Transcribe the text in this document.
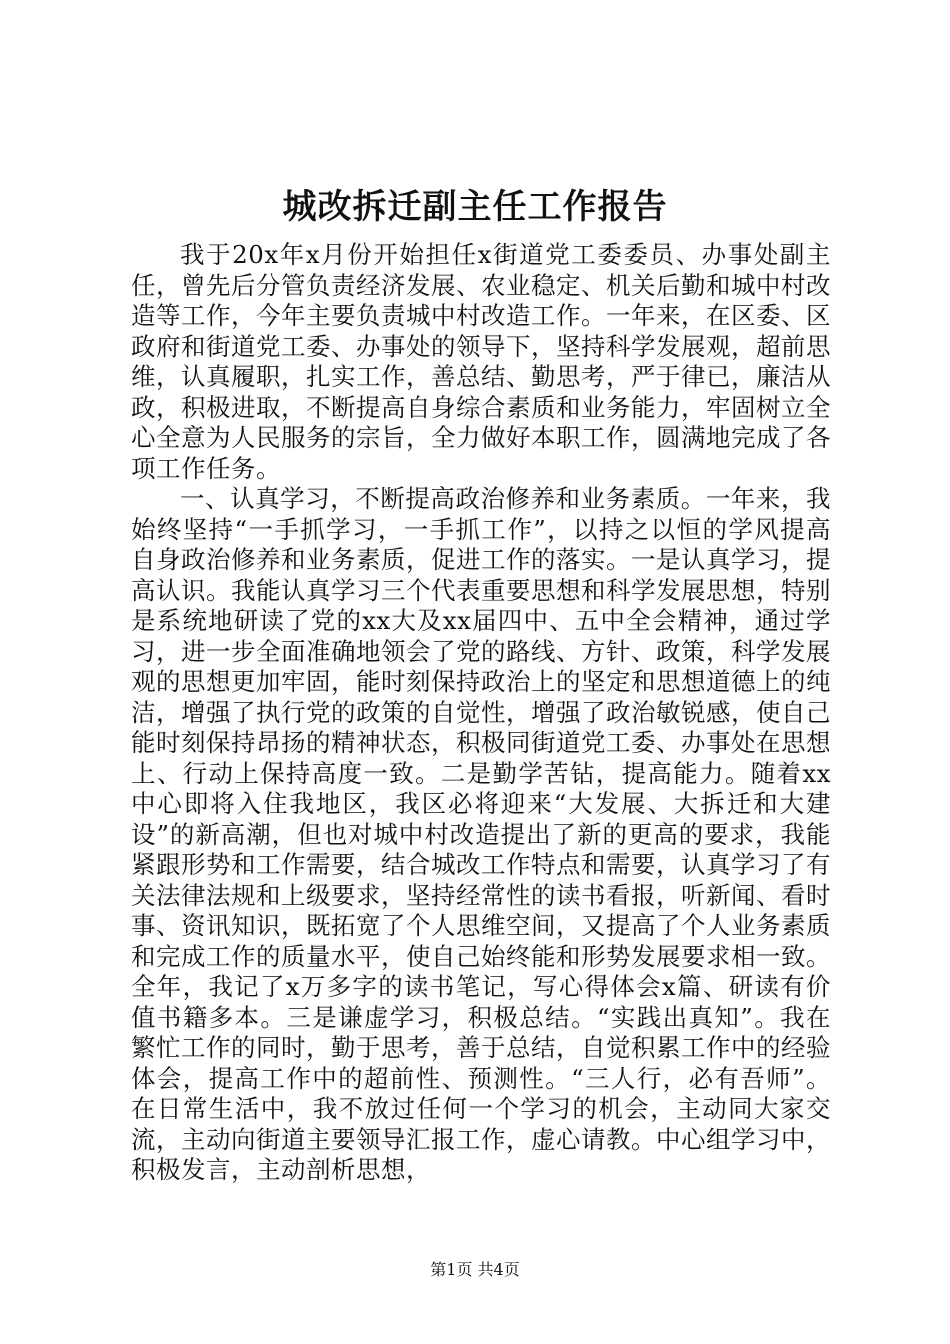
城改拆迁副主任工作报告

我于20x年x月份开始担任x街道党工委委员、办事处副主任，曾先后分管负责经济发展、农业稳定、机关后勤和城中村改造等工作，今年主要负责城中村改造工作。一年来，在区委、区政府和街道党工委、办事处的领导下，坚持科学发展观，超前思维，认真履职，扎实工作，善总结、勤思考，严于律已，廉洁从政，积极进取，不断提高自身综合素质和业务能力，牢固树立全心全意为人民服务的宗旨，全力做好本职工作，圆满地完成了各项工作任务。

一、认真学习，不断提高政治修养和业务素质。一年来，我始终坚持“一手抓学习，一手抓工作”，以持之以恒的学风提高自身政治修养和业务素质，促进工作的落实。一是认真学习，提高认识。我能认真学习三个代表重要思想和科学发展思想，特别是系统地研读了党的xx大及xx届四中、五中全会精神，通过学习，进一步全面准确地领会了党的路线、方针、政策，科学发展观的思想更加牢固，能时刻保持政治上的坚定和思想道德上的纯洁，增强了执行党的政策的自觉性，增强了政治敏锐感，使自己能时刻保持昂扬的精神状态，积极同街道党工委、办事处在思想上、行动上保持高度一致。二是勤学苦钻，提高能力。随着xx中心即将入住我地区，我区必将迎来“大发展、大拆迁和大建设”的新高潮，但也对城中村改造提出了新的更高的要求，我能紧跟形势和工作需要，结合城改工作特点和需要，认真学习了有关法律法规和上级要求，坚持经常性的读书看报，听新闻、看时事、资讯知识，既拓宽了个人思维空间，又提高了个人业务素质和完成工作的质量水平，使自己始终能和形势发展要求相一致。全年，我记了x万多字的读书笔记，写心得体会x篇、研读有价值书籍多本。三是谦虚学习，积极总结。“实践出真知”。我在繁忙工作的同时，勤于思考，善于总结，自觉积累工作中的经验体会，提高工作中的超前性、预测性。“三人行，必有吾师”。在日常生活中，我不放过任何一个学习的机会，主动同大家交流，主动向街道主要领导汇报工作，虚心请教。中心组学习中，积极发言，主动剖析思想，

第1页 共4页
